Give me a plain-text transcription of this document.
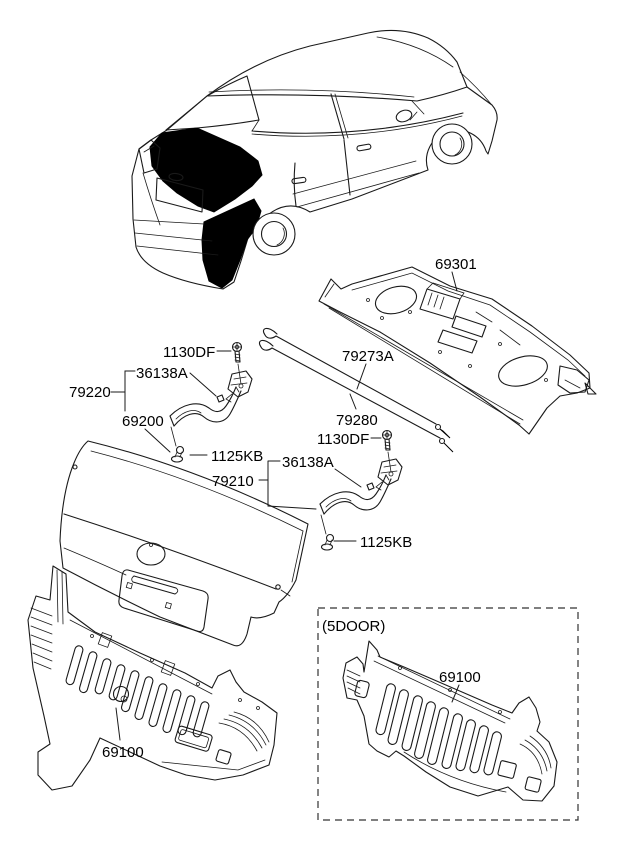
69301
1130DF
36138A
79220
69200
1125KB
79273A
79280
1130DF
36138A
79210
1125KB
69100
(5DOOR)
69100
